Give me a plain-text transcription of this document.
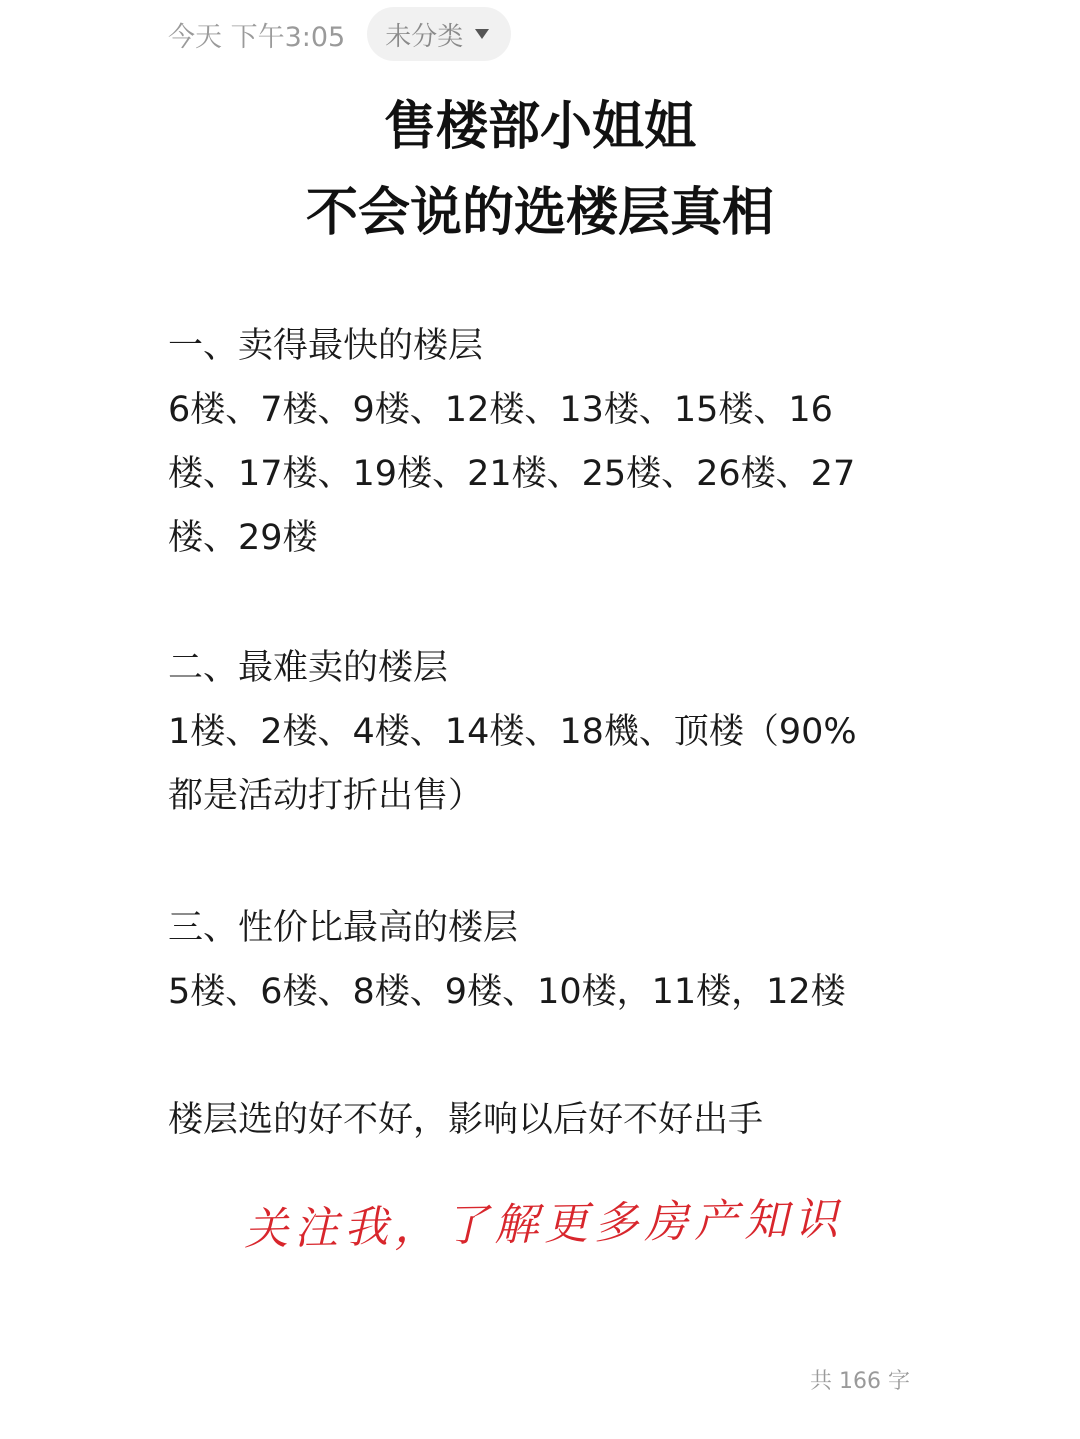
今天 下午3:05 未分类
售楼部小姐姐
不会说的选楼层真相

一、卖得最快的楼层

6楼、7楼、9楼、12楼、13楼、15楼、16

楼、17楼、19楼、21楼、25楼、26楼、27

楼、29楼

二、最难卖的楼层

1楼、2楼、4楼、14楼、18機、顶楼（90%

都是活动打折出售）

三、性价比最高的楼层

5楼、6楼、8楼、9楼、10楼，11楼，12楼

楼层选的好不好，影响以后好不好出手

关注我，了解更多房产知识
共 166 字
